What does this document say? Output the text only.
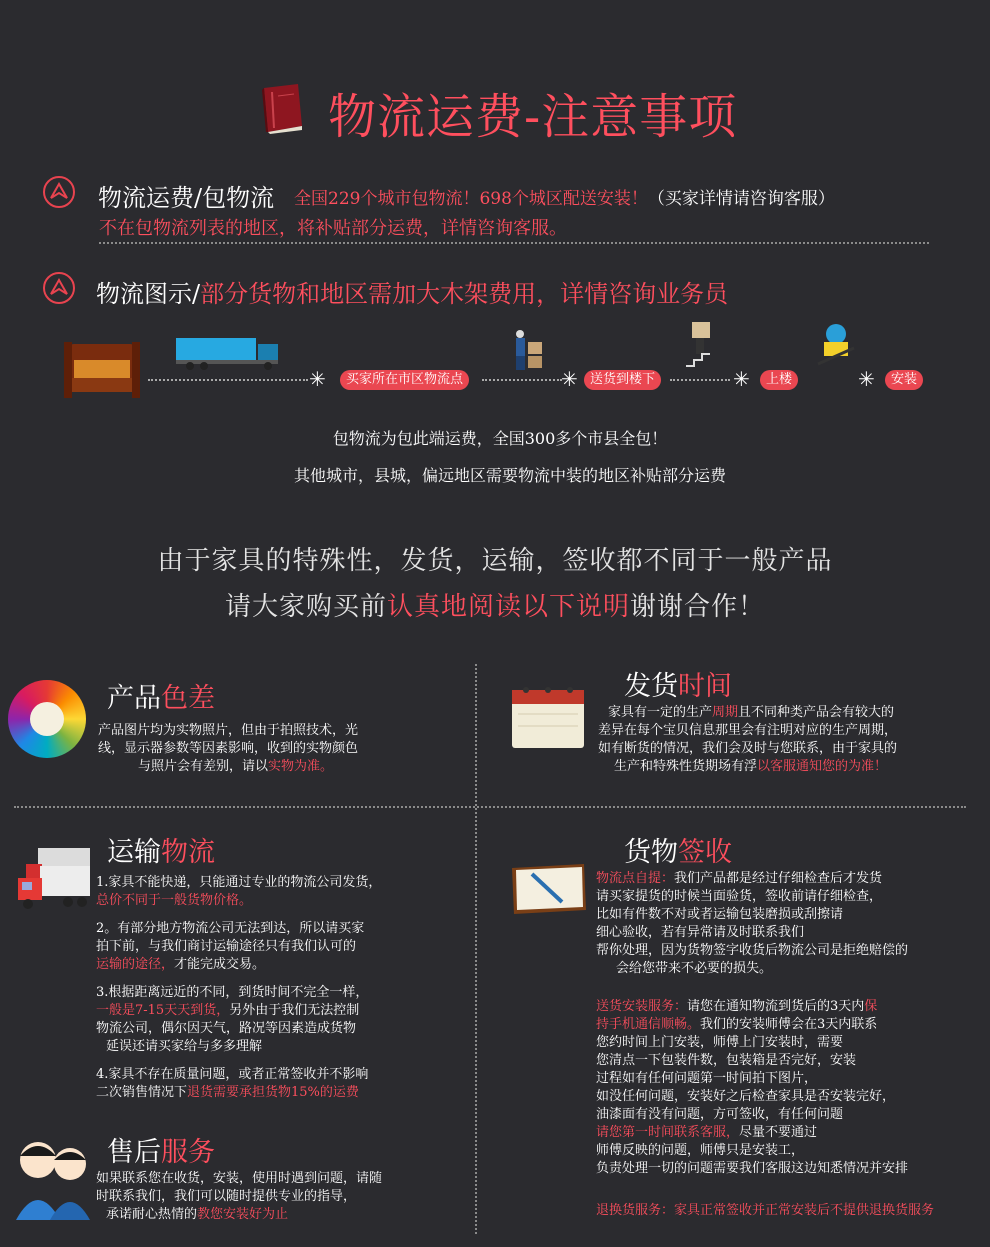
物流运费-注意事项
物流运费/包物流 全国229个城市包物流！698个城区配送安装！（买家详情请咨询客服）
不在包物流列表的地区，将补贴部分运费，详情咨询客服。
物流图示/部分货物和地区需加大木架费用，详情咨询业务员
✳	✳	✳	✳
买家所在市区物流点	送货到楼下	上楼	安装
包物流为包此端运费，全国300多个市县全包！
其他城市，县城，偏远地区需要物流中装的地区补贴部分运费
由于家具的特殊性，发货，运输，签收都不同于一般产品
请大家购买前认真地阅读以下说明谢谢合作！
产品色差

产品图片均为实物照片，但由于拍照技术，光

线，显示器参数等因素影响，收到的实物颜色

与照片会有差别，请以实物为准。

发货时间

家具有一定的生产周期且不同种类产品会有较大的

差异在每个宝贝信息那里会有注明对应的生产周期，

如有断货的情况，我们会及时与您联系，由于家具的

生产和特殊性货期场有浮以客服通知您的为准！

运输物流

1.家具不能快递，只能通过专业的物流公司发货，

总价不同于一般货物价格。

2。有部分地方物流公司无法到达，所以请买家

拍下前，与我们商讨运输途径只有我们认可的

运输的途径，才能完成交易。

3.根据距离远近的不同，到货时间不完全一样，

一般是7-15天天到货，另外由于我们无法控制

物流公司，偶尔因天气，路况等因素造成货物

延误还请买家给与多多理解

4.家具不存在质量问题，或者正常签收并不影响

二次销售情况下退货需要承担货物15%的运费

货物签收

物流点自提：我们产品都是经过仔细检查后才发货

请买家提货的时候当面验货，签收前请仔细检查，

比如有件数不对或者运输包装磨损或刮擦请

细心验收，若有异常请及时联系我们

帮你处理，因为货物签字收货后物流公司是拒绝赔偿的

会给您带来不必要的损失。

送货安装服务：请您在通知物流到货后的3天内保

持手机通信顺畅。我们的安装师傅会在3天内联系

您约时间上门安装，师傅上门安装时，需要

您清点一下包装件数，包装箱是否完好，安装

过程如有任何问题第一时间拍下图片，

如没任何问题，安装好之后检查家具是否安装完好，

油漆面有没有问题，方可签收，有任何问题

请您第一时间联系客服，尽量不要通过

师傅反映的问题，师傅只是安装工，

负责处理一切的问题需要我们客服这边知悉情况并安排

退换货服务：家具正常签收并正常安装后不提供退换货服务

售后服务

如果联系您在收货，安装，使用时遇到问题，请随

时联系我们，我们可以随时提供专业的指导，

承诺耐心热情的教您安装好为止
